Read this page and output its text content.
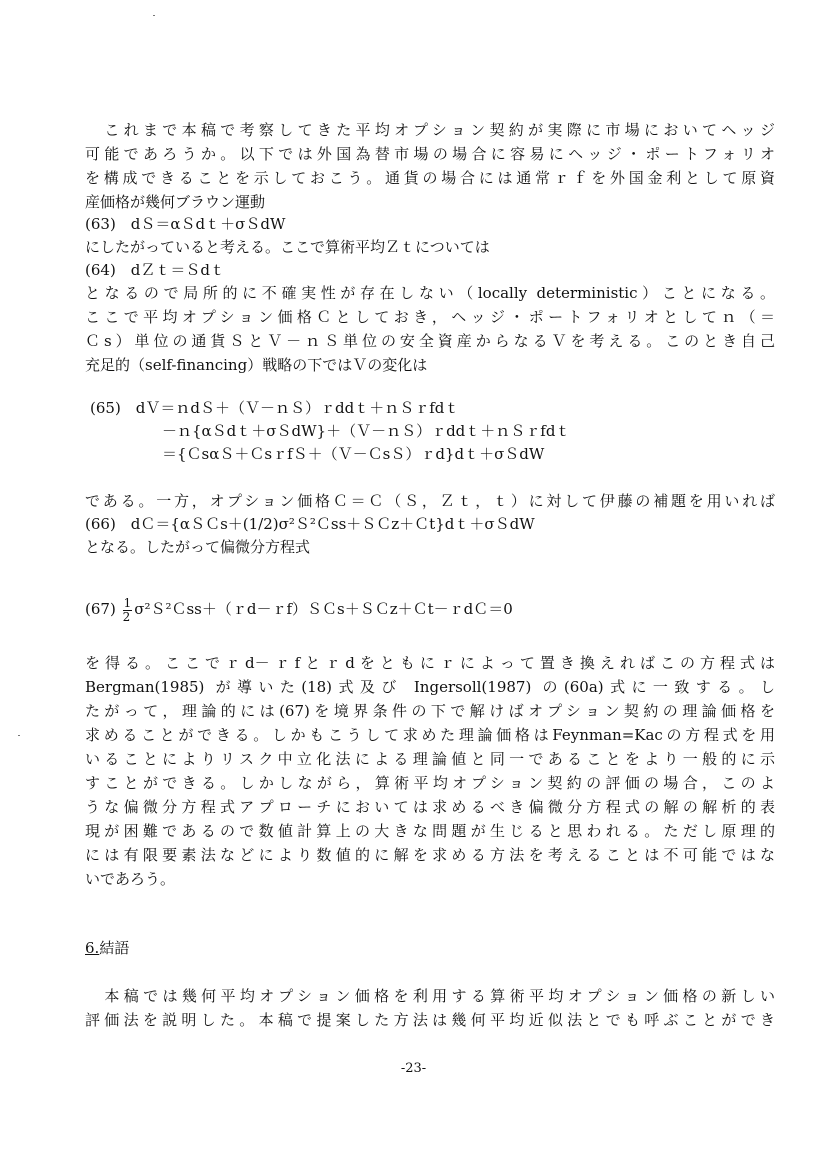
　これまで本稿で考察してきた平均オプション契約が実際に市場においてヘッジ
可能であろうか。以下では外国為替市場の場合に容易にヘッジ・ポートフォリオ
を構成できることを示しておこう。通貨の場合には通常ｒｆを外国金利として原資
産価格が幾何ブラウン運動
(63)　dＳ＝αＳdｔ＋σＳdW
にしたがっていると考える。ここで算術平均Ｚｔについては
(64)　dＺｔ＝Ｓdｔ
となるので局所的に不確実性が存在しない（locally deterministic）ことになる。
ここで平均オプション価格Ｃとしておき，ヘッジ・ポートフォリオとしてｎ（＝
Ｃs）単位の通貨ＳとＶ－ｎＳ単位の安全資産からなるＶを考える。このとき自己
充足的（self-financing）戦略の下ではＶの変化は
(65)　dＶ＝ｎdＳ＋（Ｖ－ｎＳ）ｒddｔ＋ｎＳｒfdｔ
－ｎ{αＳdｔ＋σＳdW}＋（Ｖ－ｎＳ）ｒddｔ＋ｎＳｒfdｔ
＝{ＣsαＳ＋ＣsｒfＳ＋（Ｖ－ＣsＳ）ｒd}dｔ＋σＳdW
である。一方，オプション価格Ｃ＝Ｃ（Ｓ，Ｚｔ，ｔ）に対して伊藤の補題を用いれば
(66)　dＣ＝{αＳＣs＋(1/2)σ²Ｓ²Ｃss＋ＳＣz＋Ｃt}dｔ＋σＳdW
となる。したがって偏微分方程式
$(67) \frac{1}{2}$ σ²Ｓ²Ｃss＋（ｒd－ｒf）ＳＣs＋ＳＣz＋Ｃt－ｒdＣ＝0
を得る。ここでｒd－ｒfとｒdをともにｒによって置き換えればこの方程式は
Bergman(1985) が導いた(18)式及び Ingersoll(1987) の(60a)式に一致する。し
たがって，理論的には(67)を境界条件の下で解けばオプション契約の理論価格を
求めることができる。しかもこうして求めた理論価格はFeynman=Kacの方程式を用
いることによりリスク中立化法による理論値と同一であることをより一般的に示
すことができる。しかしながら，算術平均オプション契約の評価の場合，このよ
うな偏微分方程式アプローチにおいては求めるべき偏微分方程式の解の解析的表
現が困難であるので数値計算上の大きな問題が生じると思われる。ただし原理的
には有限要素法などにより数値的に解を求める方法を考えることは不可能ではな
いであろう。
6.結語
　本稿では幾何平均オプション価格を利用する算術平均オプション価格の新しい
評価法を説明した。本稿で提案した方法は幾何平均近似法とでも呼ぶことができ
-23-
